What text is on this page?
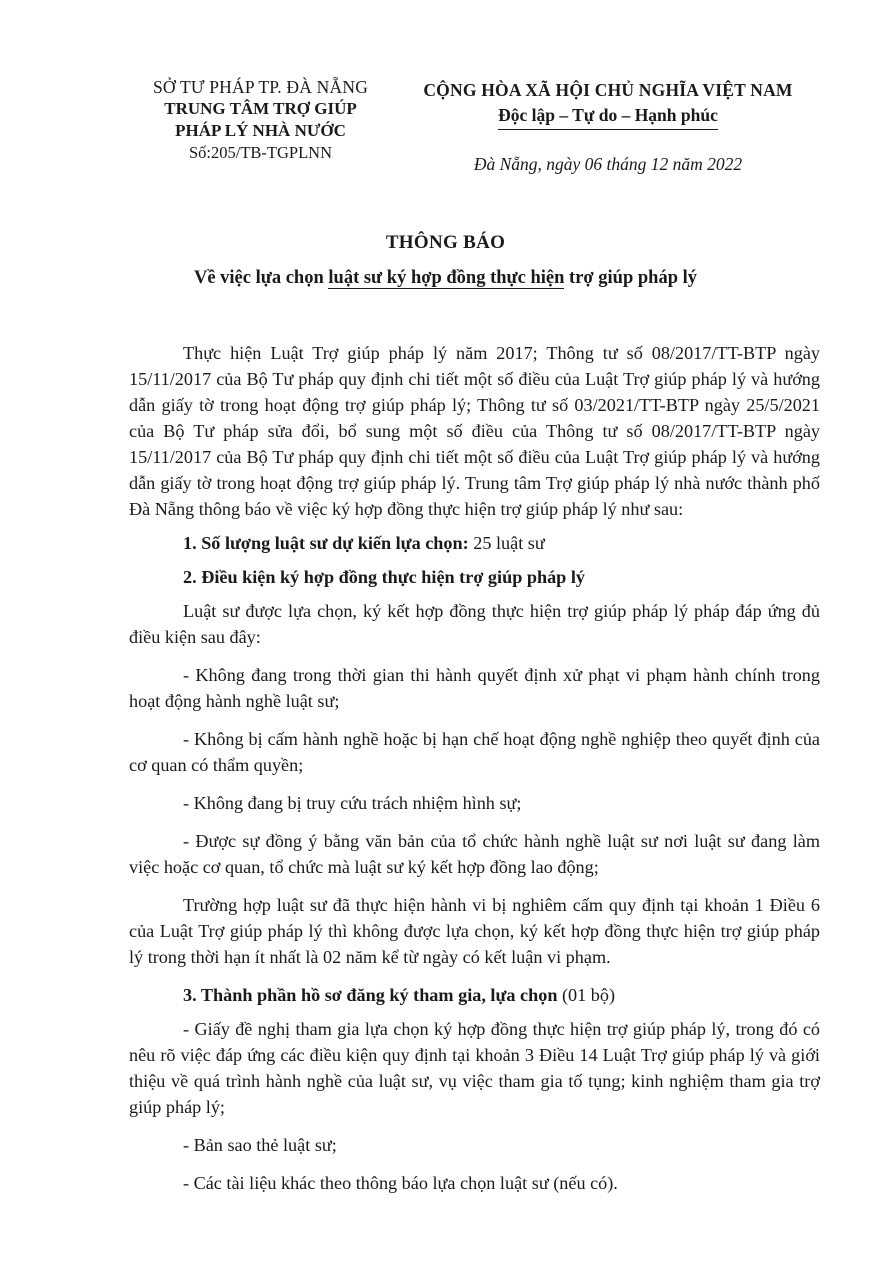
SỞ TƯ PHÁP TP. ĐÀ NẴNG
TRUNG TÂM TRỢ GIÚP
PHÁP LÝ NHÀ NƯỚC
Số:205/TB-TGPLNN
CỘNG HÒA XÃ HỘI CHỦ NGHĨA VIỆT NAM
Độc lập – Tự do – Hạnh phúc
Đà Nẵng, ngày 06 tháng 12 năm 2022
THÔNG BÁO
Về việc lựa chọn luật sư ký hợp đồng thực hiện trợ giúp pháp lý

Thực hiện Luật Trợ giúp pháp lý năm 2017; Thông tư số 08/2017/TT-BTP ngày 15/11/2017 của Bộ Tư pháp quy định chi tiết một số điều của Luật Trợ giúp pháp lý và hướng dẫn giấy tờ trong hoạt động trợ giúp pháp lý; Thông tư số 03/2021/TT-BTP ngày 25/5/2021 của Bộ Tư pháp sửa đổi, bổ sung một số điều của Thông tư số 08/2017/TT-BTP ngày 15/11/2017 của Bộ Tư pháp quy định chi tiết một số điều của Luật Trợ giúp pháp lý và hướng dẫn giấy tờ trong hoạt động trợ giúp pháp lý. Trung tâm Trợ giúp pháp lý nhà nước thành phố Đà Nẵng thông báo về việc ký hợp đồng thực hiện trợ giúp pháp lý như sau:

1. Số lượng luật sư dự kiến lựa chọn: 25 luật sư

2. Điều kiện ký hợp đồng thực hiện trợ giúp pháp lý

Luật sư được lựa chọn, ký kết hợp đồng thực hiện trợ giúp pháp lý pháp đáp ứng đủ điều kiện sau đây:

- Không đang trong thời gian thi hành quyết định xử phạt vi phạm hành chính trong hoạt động hành nghề luật sư;

- Không bị cấm hành nghề hoặc bị hạn chế hoạt động nghề nghiệp theo quyết định của cơ quan có thẩm quyền;

- Không đang bị truy cứu trách nhiệm hình sự;

- Được sự đồng ý bằng văn bản của tổ chức hành nghề luật sư nơi luật sư đang làm việc hoặc cơ quan, tổ chức mà luật sư ký kết hợp đồng lao động;

Trường hợp luật sư đã thực hiện hành vi bị nghiêm cấm quy định tại khoản 1 Điều 6 của Luật Trợ giúp pháp lý thì không được lựa chọn, ký kết hợp đồng thực hiện trợ giúp pháp lý trong thời hạn ít nhất là 02 năm kể từ ngày có kết luận vi phạm.

3. Thành phần hồ sơ đăng ký tham gia, lựa chọn (01 bộ)

- Giấy đề nghị tham gia lựa chọn ký hợp đồng thực hiện trợ giúp pháp lý, trong đó có nêu rõ việc đáp ứng các điều kiện quy định tại khoản 3 Điều 14 Luật Trợ giúp pháp lý và giới thiệu về quá trình hành nghề của luật sư, vụ việc tham gia tố tụng; kinh nghiệm tham gia trợ giúp pháp lý;

- Bản sao thẻ luật sư;

- Các tài liệu khác theo thông báo lựa chọn luật sư (nếu có).
